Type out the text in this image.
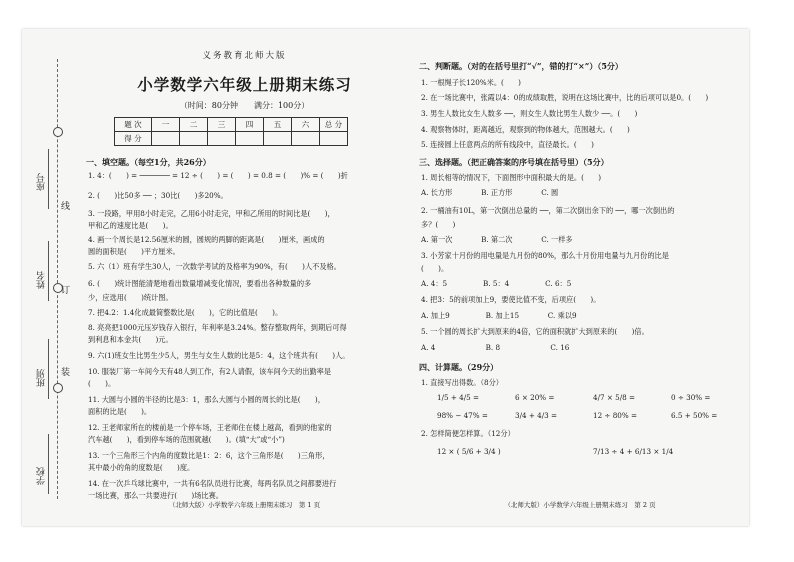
线
订
装
座号
姓名
班别
学校
义务教育北师大版
小学数学六年级上册期末练习
（时间：80分钟　　满分：100分）
题 次	一	二	三	四	五	六	总 分
得 分							
一、填空题。（每空1分，共26分）
1. 4：(　　) = ─────── = 12 ÷ (　　) = (　　) = 0.8 = (　　)% = (　　)折
2. (　　)比50多 ── ；30比(　　)多20%。
3. 一段路，甲用8小时走完，乙用6小时走完，甲和乙所用的时间比是(　　)，
甲和乙的速度比是(　　)。
4. 画一个周长是12.56厘米的圆，圆规的两脚的距离是(　　)厘米，画成的
圆的面积是(　　)平方厘米。
5. 六（1）班有学生30人，一次数学考试的及格率为90%，有(　　)人不及格。
6. (　　)统计图能清楚地看出数量增减变化情况，要看出各种数量的多
少，应选用(　　)统计图。
7. 把4.2：1.4化成最简整数比是(　　)，它的比值是(　　)。
8. 亮亮把1000元压岁钱存入银行，年利率是3.24%。整存整取两年，到期后可得
到利息和本金共(　　)元。
9. 六(1)班女生比男生少5人，男生与女生人数的比是5：4，这个班共有(　　)人。
10. 服装厂第一车间今天有48人到工作，有2人请假，该车间今天的出勤率是
(　　)。
11. 大圆与小圆的半径的比是3：1，那么大圆与小圆的周长的比是(　　)，
面积的比是(　　)。
12. 王老师家所在的楼前是一个停车场，王老师住在楼上越高，看到的他家的
汽车越(　　)，看到停车场的范围就越(　　)。(填“大”或“小”)
13. 一个三角形三个内角的度数比是1：2：6，这个三角形是(　　)三角形，
其中最小的角的度数是(　　)度。
14. 在一次乒乓球比赛中，一共有6名队员进行比赛，每两名队员之间都要进行
一场比赛，那么一共要进行(　　)场比赛。
（北师大版）小学数学六年级上册期末练习　第 1 页
二、判断题。（对的在括号里打“√”，错的打“×”）（5分）
1. 一根绳子长120%米。(　　)
2. 在一场比赛中，张霞以4：0的成绩取胜，说明在这场比赛中，比的后项可以是0。(　　)
3. 男生人数比女生人数多 ──，则女生人数比男生人数少 ──。(　　)
4. 观察物体时，距离越近，观察到的物体越大，范围越大。(　　)
5. 连接圆上任意两点的所有线段中，直径最长。(　　)
三、选择题。（把正确答案的序号填在括号里）（5分）
1. 周长相等的情况下，下面图形中面积最大的是。(　　)
A. 长方形　　　　B. 正方形　　　　C. 圆
2. 一桶油有10L，第一次倒出总量的 ──，第二次倒出余下的 ──，哪一次倒出的
多？(　　)
A. 第一次　　　　B. 第二次　　　　C. 一样多
3. 小芳家十月份的用电量是九月份的80%，那么十月份用电量与九月份的比是
(　　)。
A. 4：5　　　　　B. 5：4　　　　　C. 6：5
4. 把3：5的前项加上9，要使比值不变，后项应(　　)。
A. 加上9　　　　　B. 加上15　　　　C. 乘以9
5. 一个圆的周长扩大到原来的4倍，它的面积就扩大到原来的(　　)倍。
A. 4　　　　　　　B. 8　　　　　　　C. 16
四、计算题。（29分）
1. 直接写出得数。（8分）
1/5 + 4/5 =	6 × 20% =	4/7 × 5/8 =	0 ÷ 30% =
98% − 47% =	3/4 + 4/3 =	12 ÷ 80% =	6.5 + 50% =
2. 怎样简便怎样算。（12分）
12 × ( 5/6 + 3/4 )	7/13 ÷ 4 + 6/13 × 1/4
（北师大版）小学数学六年级上册期末练习　第 2 页
